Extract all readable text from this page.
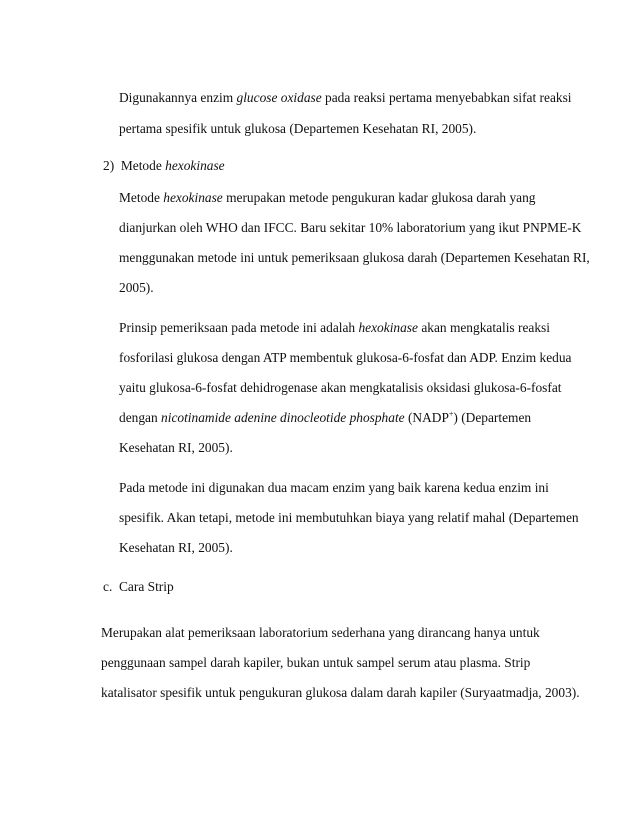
Digunakannya enzim glucose oxidase pada reaksi pertama menyebabkan sifat reaksi
pertama spesifik untuk glukosa (Departemen Kesehatan RI, 2005).
2) Metode hexokinase
Metode hexokinase merupakan metode pengukuran kadar glukosa darah yang
dianjurkan oleh WHO dan IFCC. Baru sekitar 10% laboratorium yang ikut PNPME-K
menggunakan metode ini untuk pemeriksaan glukosa darah (Departemen Kesehatan RI,
2005).
Prinsip pemeriksaan pada metode ini adalah hexokinase akan mengkatalis reaksi
fosforilasi glukosa dengan ATP membentuk glukosa-6-fosfat dan ADP. Enzim kedua
yaitu glukosa-6-fosfat dehidrogenase akan mengkatalisis oksidasi glukosa-6-fosfat
dengan nicotinamide adenine dinocleotide phosphate (NADP+) (Departemen
Kesehatan RI, 2005).
Pada metode ini digunakan dua macam enzim yang baik karena kedua enzim ini
spesifik. Akan tetapi, metode ini membutuhkan biaya yang relatif mahal (Departemen
Kesehatan RI, 2005).
c. Cara Strip
Merupakan alat pemeriksaan laboratorium sederhana yang dirancang hanya untuk
penggunaan sampel darah kapiler, bukan untuk sampel serum atau plasma. Strip
katalisator spesifik untuk pengukuran glukosa dalam darah kapiler (Suryaatmadja, 2003).
